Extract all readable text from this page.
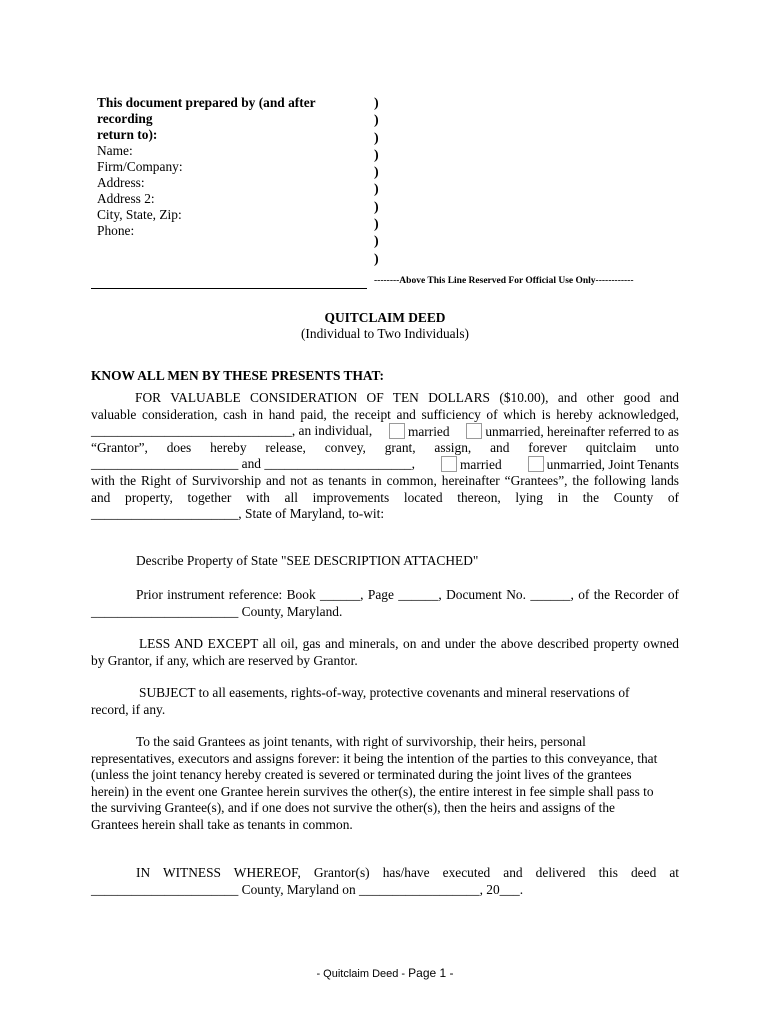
This document prepared by (and after recording
return to):
Name:
Firm/Company:
Address:
Address 2:
City, State, Zip:
Phone:
)
)
)
)
)
)
)
)
)
)
--------Above This Line Reserved For Official Use Only------------
QUITCLAIM DEED
(Individual to Two Individuals)
KNOW ALL MEN BY THESE PRESENTS THAT:
FOR VALUABLE CONSIDERATION OF TEN DOLLARS ($10.00), and other good and
valuable consideration, cash in hand paid, the receipt and sufficiency of which is hereby acknowledged,
______________________________, an individual,	married	unmarried, hereinafter referred to as
“Grantor”, does hereby release, convey, grant, assign, and forever quitclaim unto
______________________ and ______________________,	married	unmarried, Joint Tenants
with the Right of Survivorship and not as tenants in common, hereinafter “Grantees”, the following lands
and property, together with all improvements located thereon, lying in the County of
______________________, State of Maryland, to-wit:
Describe Property of State "SEE DESCRIPTION ATTACHED"
Prior instrument reference: Book ______, Page ______, Document No. ______, of the Recorder of
______________________ County, Maryland.
LESS AND EXCEPT all oil, gas and minerals, on and under the above described property owned
by Grantor, if any, which are reserved by Grantor.
SUBJECT to all easements, rights-of-way, protective covenants and mineral reservations of
record, if any.
To the said Grantees as joint tenants, with right of survivorship, their heirs, personal
representatives, executors and assigns forever: it being the intention of the parties to this conveyance, that
(unless the joint tenancy hereby created is severed or terminated during the joint lives of the grantees
herein) in the event one Grantee herein survives the other(s), the entire interest in fee simple shall pass to
the surviving Grantee(s), and if one does not survive the other(s), then the heirs and assigns of the
Grantees herein shall take as tenants in common.
IN WITNESS WHEREOF, Grantor(s) has/have executed and delivered this deed at
______________________ County, Maryland on __________________, 20___.
- Quitclaim Deed - Page 1 -
